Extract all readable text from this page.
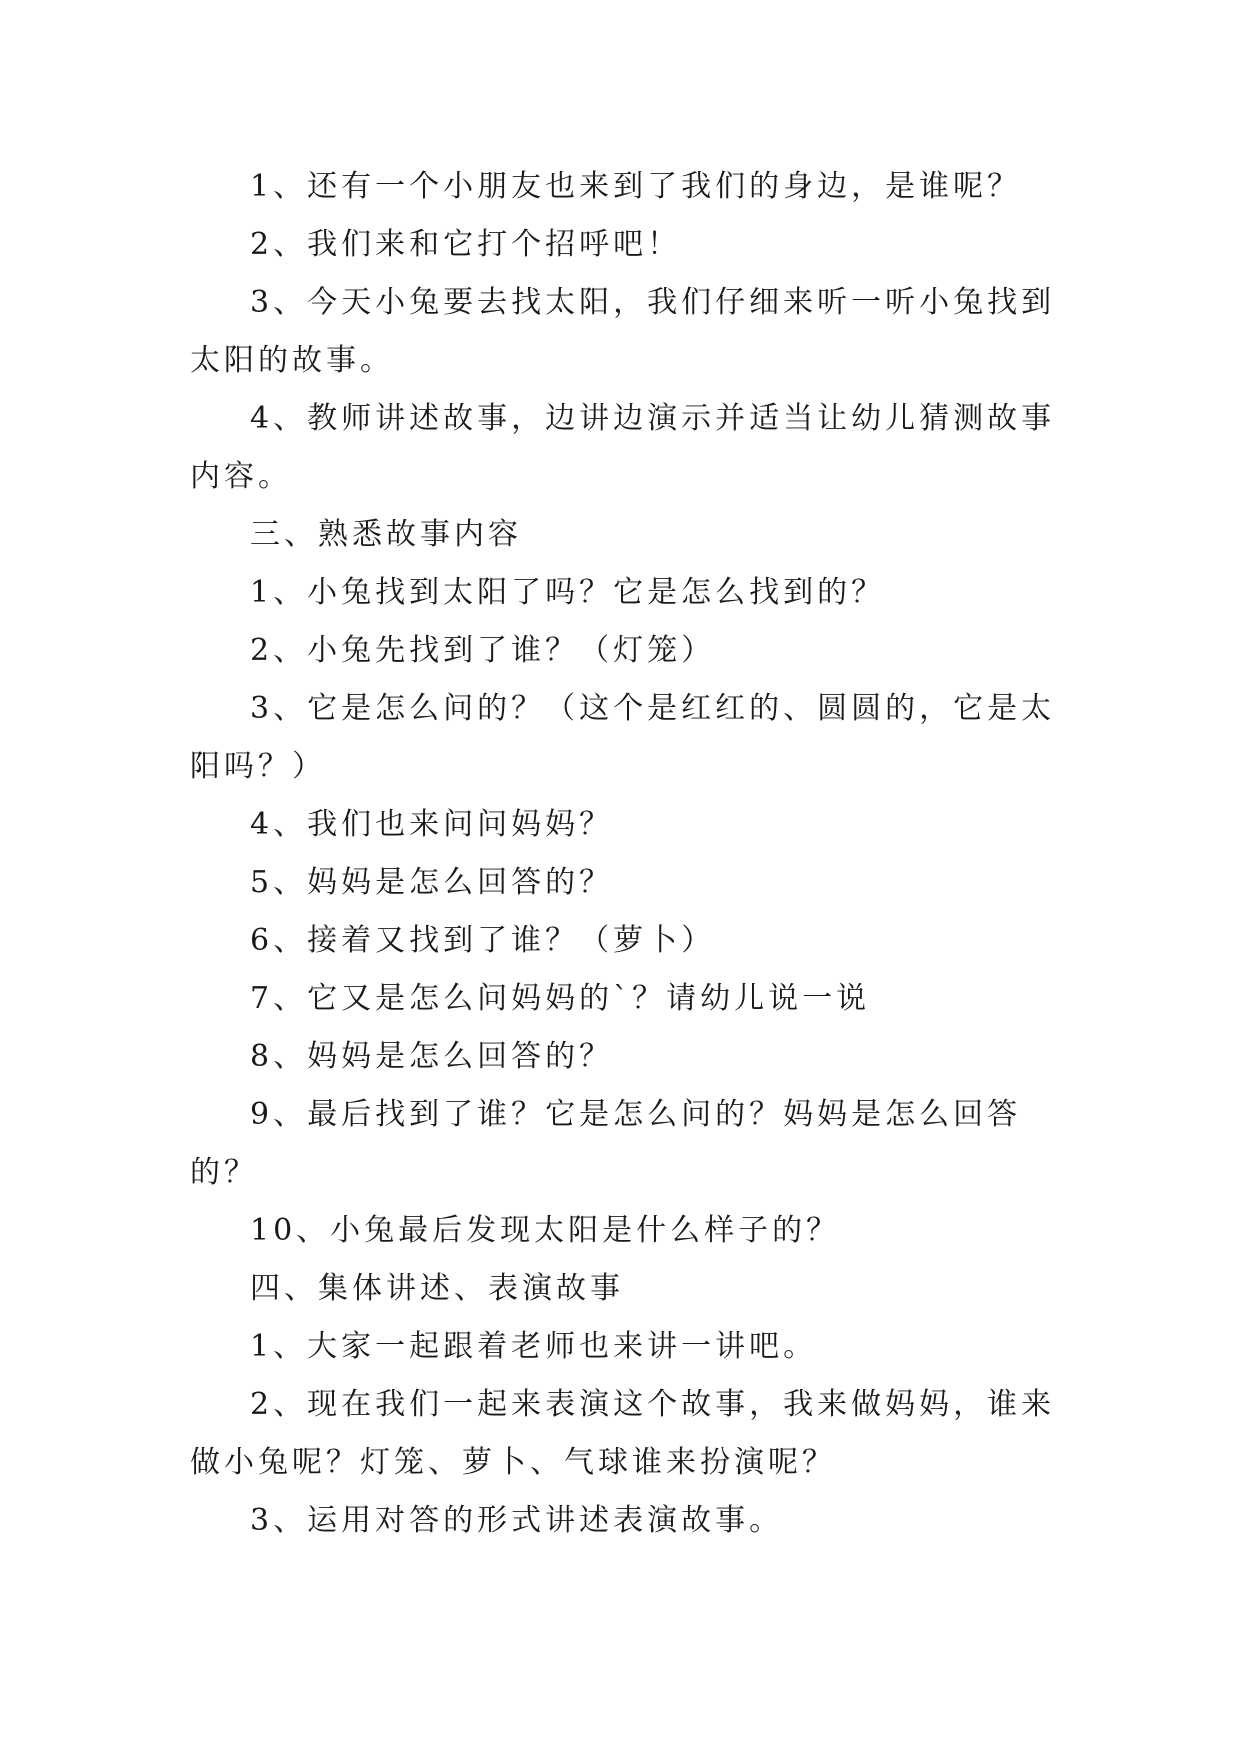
1、还有一个小朋友也来到了我们的身边，是谁呢？

2、我们来和它打个招呼吧！

3、今天小兔要去找太阳，我们仔细来听一听小兔找到太阳的故事。

4、教师讲述故事，边讲边演示并适当让幼儿猜测故事内容。

三、熟悉故事内容

1、小兔找到太阳了吗？它是怎么找到的？

2、小兔先找到了谁？（灯笼）

3、它是怎么问的？（这个是红红的、圆圆的，它是太阳吗？）

4、我们也来问问妈妈？

5、妈妈是怎么回答的？

6、接着又找到了谁？（萝卜）

7、它又是怎么问妈妈的`？请幼儿说一说

8、妈妈是怎么回答的？

9、最后找到了谁？它是怎么问的？妈妈是怎么回答的？

10、小兔最后发现太阳是什么样子的？

四、集体讲述、表演故事

1、大家一起跟着老师也来讲一讲吧。

2、现在我们一起来表演这个故事，我来做妈妈，谁来做小兔呢？灯笼、萝卜、气球谁来扮演呢？

3、运用对答的形式讲述表演故事。
